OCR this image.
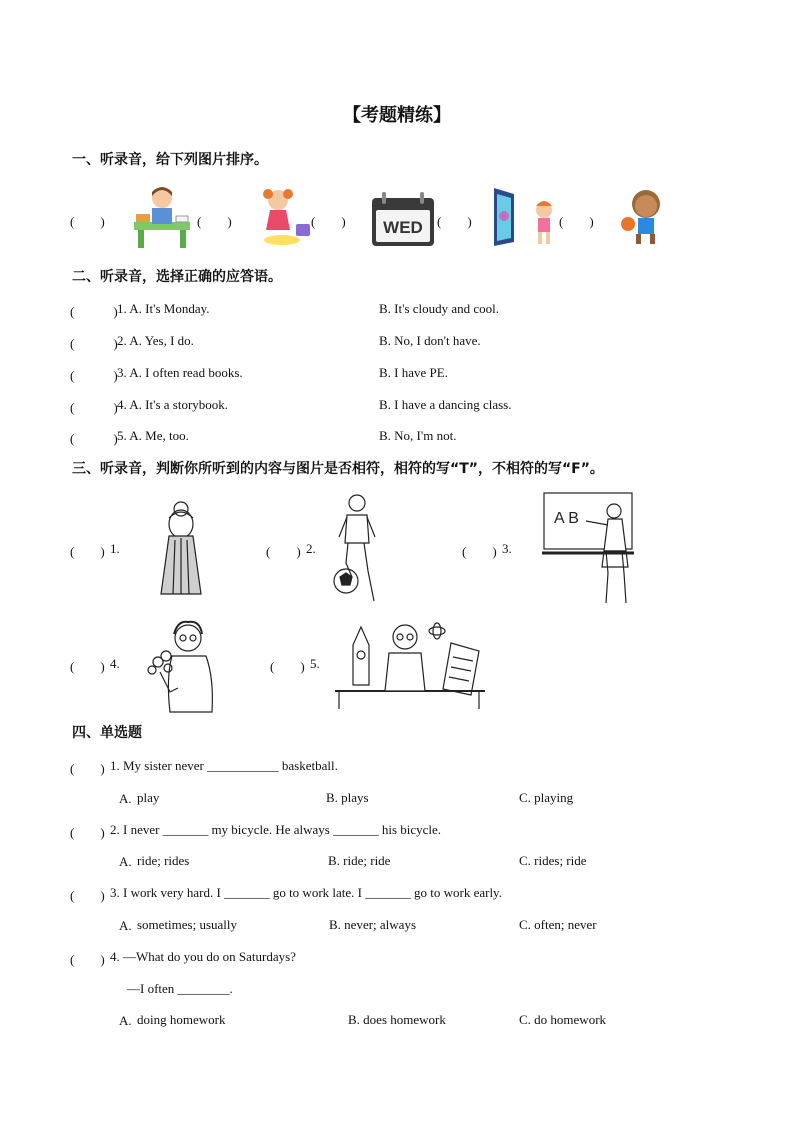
【考题精练】
一、听录音，给下列图片排序。
(　　)	(　　)	(　　) WED (　　)	(　　)
二、听录音，选择正确的应答语。
(　　　) 1. A. It's Monday.	B. It's cloudy and cool.
(　　　) 2. A. Yes, I do.	B. No, I don't have.
(　　　) 3. A. I often read books.	B. I have PE.
(　　　) 4. A. It's a storybook.	B. I have a dancing class.
(　　　) 5. A. Me, too.	B. No, I'm not.
三、听录音，判断你所听到的内容与图片是否相符，相符的写“T”，不相符的写“F”。
(　　) 1.	(　　) 2.	(　　) 3.
A B
(　　) 4.	(　　) 5.
四、单选题
(　　) 1. My sister never ___________ basketball.
A. play	B. plays	C. playing
(　　) 2. I never _______ my bicycle. He always _______ his bicycle.
A. ride; rides	B. ride; ride	C. rides; ride
(　　) 3. I work very hard. I _______ go to work late. I _______ go to work early.
A. sometimes; usually	B. never; always	C. often; never
(　　) 4. —What do you do on Saturdays?
—I often ________.
A. doing homework	B. does homework	C. do homework
